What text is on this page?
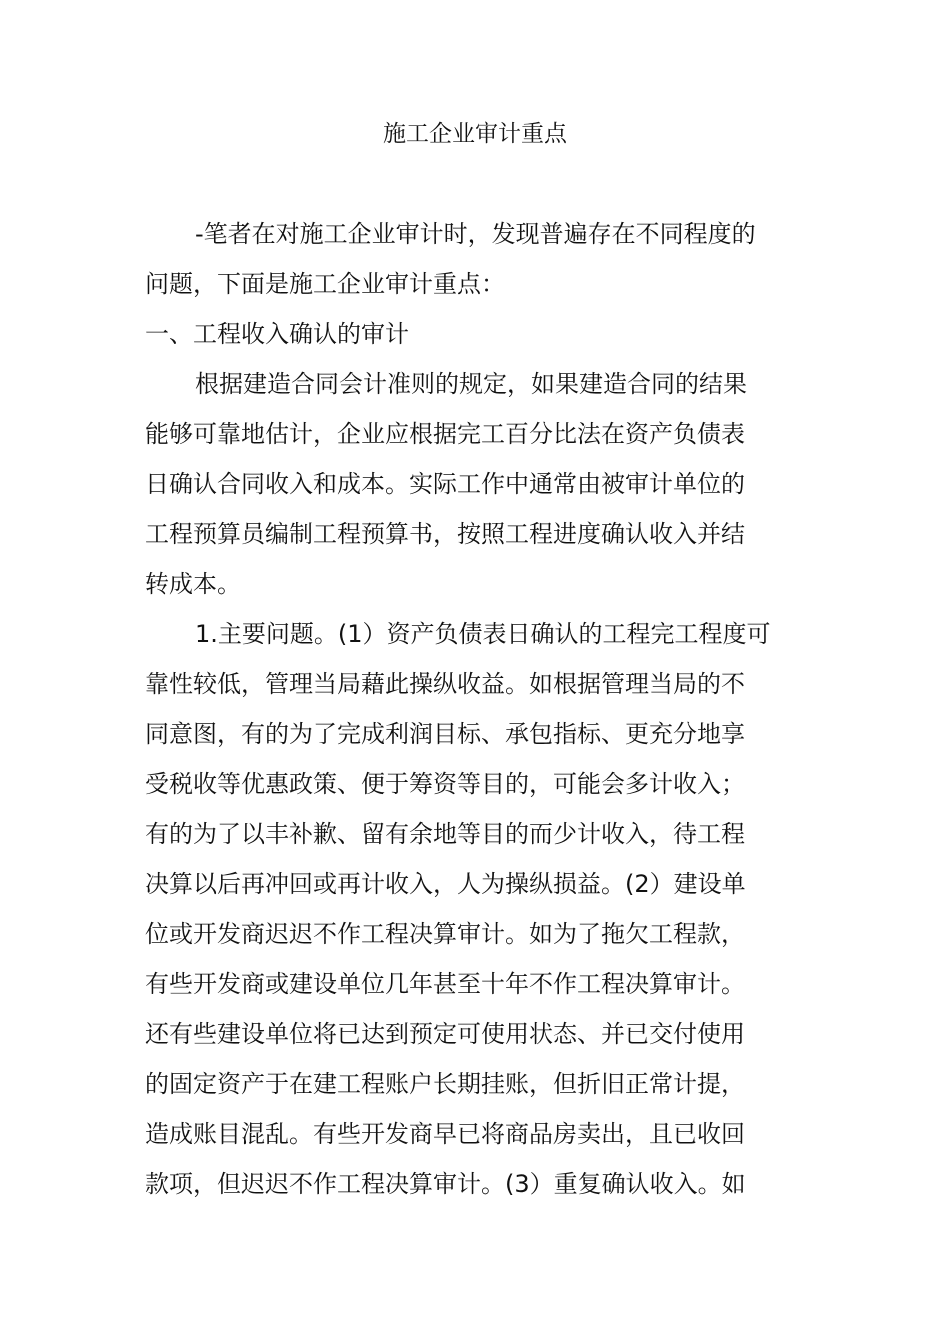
施工企业审计重点
-笔者在对施工企业审计时，发现普遍存在不同程度的
问题，下面是施工企业审计重点：
一、工程收入确认的审计
根据建造合同会计准则的规定，如果建造合同的结果
能够可靠地估计，企业应根据完工百分比法在资产负债表
日确认合同收入和成本。实际工作中通常由被审计单位的
工程预算员编制工程预算书，按照工程进度确认收入并结
转成本。
1.主要问题。(1）资产负债表日确认的工程完工程度可
靠性较低，管理当局藉此操纵收益。如根据管理当局的不
同意图，有的为了完成利润目标、承包指标、更充分地享
受税收等优惠政策、便于筹资等目的，可能会多计收入；
有的为了以丰补歉、留有余地等目的而少计收入，待工程
决算以后再冲回或再计收入，人为操纵损益。(2）建设单
位或开发商迟迟不作工程决算审计。如为了拖欠工程款，
有些开发商或建设单位几年甚至十年不作工程决算审计。
还有些建设单位将已达到预定可使用状态、并已交付使用
的固定资产于在建工程账户长期挂账，但折旧正常计提，
造成账目混乱。有些开发商早已将商品房卖出，且已收回
款项，但迟迟不作工程决算审计。(3）重复确认收入。如
